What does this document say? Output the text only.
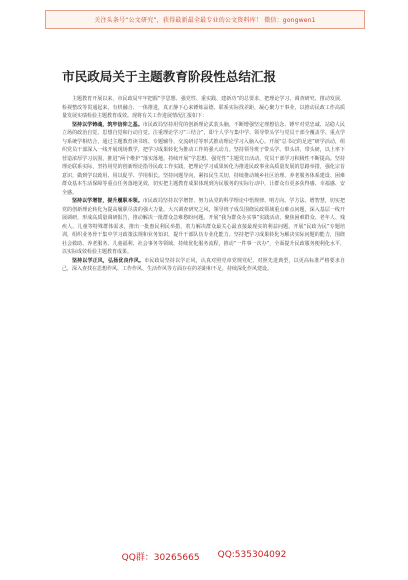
关注头条号“公文研究”，获得最新最全最专业的公文资料库！ 微信：gongwen1
市民政局关于主题教育阶段性总结汇报

主题教育开展以来，市民政局牢牢把握“学思想、强党性、重实践、建新功”的总要求，把理论学习、调查研究、推动发展、检视整改等贯通起来，有机融合、一体推进，真正静下心来锤炼品德，联系实际找差距，凝心聚力干事业，以推动民政工作高质量发展实绩检验主题教育成效。现将有关工作进展情况汇报如下：

坚持以学铸魂，筑牢信仰之基。市民政局坚持用党的创新理论武装头脑，不断增强坚定理想信念、锤牢对党忠诚、站稳人民立场的政治自觉、思想自觉和行动自觉。注重理论学习“三结合”，即个人学与集中学、领导带头学与党员干部全覆盖学、重点学与系统学相结合，通过主题教育读书班、专题辅导、交流研讨等形式推动理论学习入脑入心。开展“总书记的足迹”研学活动，组织党员干部深入一线开展现场教学，把学习成果转化为推动工作的强大动力。坚持领导班子带头学、带头讲、带头研，以上率下营造浓厚学习氛围，推进“两个维护”落实落地。持续开展“学思想、强党性”主题党日活动，党员干部学习积极性不断提高。坚持理论联系实际，坚持用党的创新理论指导民政工作实践，把理论学习成果转化为推进民政事业高质量发展的思路举措，强化宗旨意识，做到学以致用、用以促学、学用相长。坚持问题导向，紧扣民生关切，持续推动城乡社区治理、养老服务体系建设、困难群众基本生活保障等重点任务落地见效，切实把主题教育成果体现到为民服务的实际行动中，让群众有更多获得感、幸福感、安全感。

坚持以学增智，提升履职本领。市民政局坚持以学增智，努力从党的科学理论中悟规律、明方向、学方法、增智慧，切实把党的创新理论转化为提高履职尽责的强大力量。大兴调查研究之风，领导班子成员围绕民政领域重点难点问题，深入基层一线开展调研，形成高质量调研报告，推动解决一批群众急难愁盼问题。开展“我为群众办实事”实践活动，聚焦困难群众、老年人、残疾人、儿童等特殊群体需求，推出一批惠民利民举措，着力解决群众最关心最直接最现实的利益问题。开展“民政为民”专题培训，组织业务骨干集中学习政策法规和业务知识，提升干部队伍专业化能力。坚持把学习成果转化为解决实际问题的能力，围绕社会救助、养老服务、儿童福利、社会事务等领域，持续优化服务流程，推动“一件事一次办”，全面提升民政服务便利化水平，以实际成效检验主题教育成果。

坚持以学正风，弘扬优良作风。市民政局坚持以学正风，认真对照党章党规党纪，对照先进典型，以更高标准严格要求自己，深入查找在思想作风、工作作风、生活作风等方面存在的差距和不足，持续深化作风建设。

QQ群：30265665 QQ:535304092
